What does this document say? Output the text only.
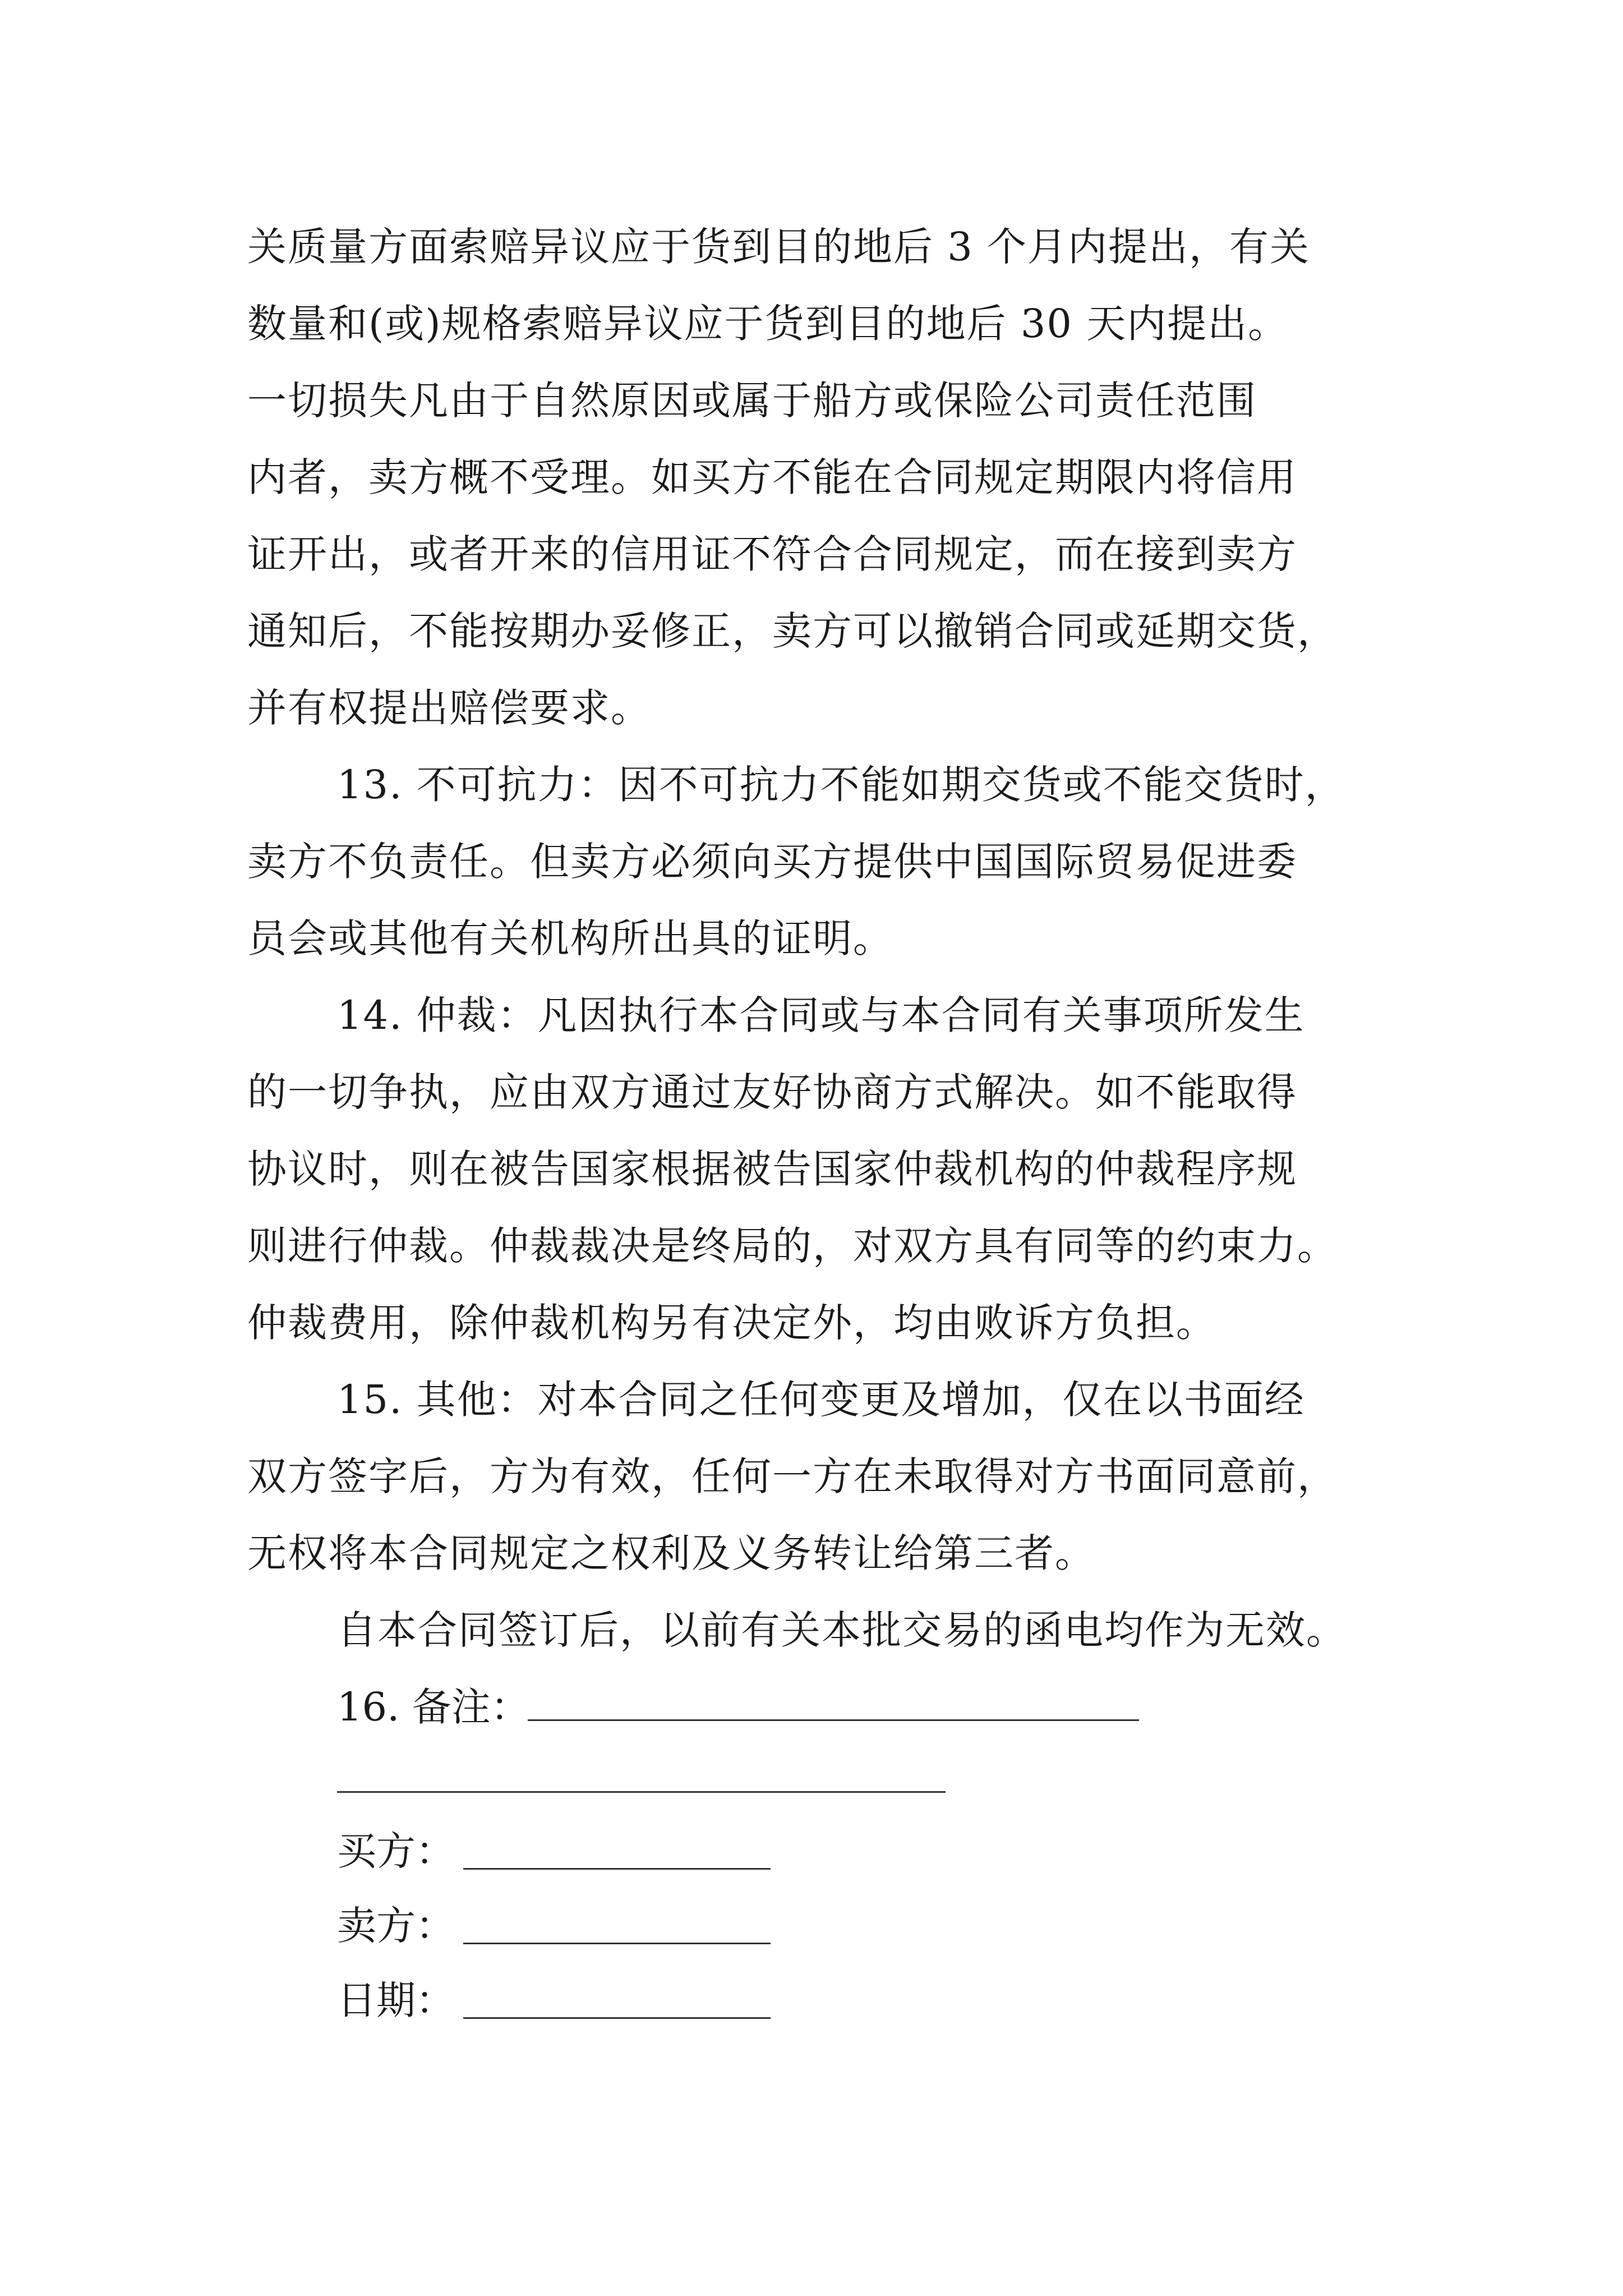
关质量方面索赔异议应于货到目的地后 3 个月内提出，有关
数量和(或)规格索赔异议应于货到目的地后 30 天内提出。
一切损失凡由于自然原因或属于船方或保险公司责任范围
内者，卖方概不受理。如买方不能在合同规定期限内将信用
证开出，或者开来的信用证不符合合同规定，而在接到卖方
通知后，不能按期办妥修正，卖方可以撤销合同或延期交货，
并有权提出赔偿要求。
13. 不可抗力：因不可抗力不能如期交货或不能交货时，
卖方不负责任。但卖方必须向买方提供中国国际贸易促进委
员会或其他有关机构所出具的证明。
14. 仲裁：凡因执行本合同或与本合同有关事项所发生
的一切争执，应由双方通过友好协商方式解决。如不能取得
协议时，则在被告国家根据被告国家仲裁机构的仲裁程序规
则进行仲裁。仲裁裁决是终局的，对双方具有同等的约束力。
仲裁费用，除仲裁机构另有决定外，均由败诉方负担。
15. 其他：对本合同之任何变更及增加，仅在以书面经
双方签字后，方为有效，任何一方在未取得对方书面同意前，
无权将本合同规定之权利及义务转让给第三者。
自本合同签订后，以前有关本批交易的函电均作为无效。
16. 备注：
买方：
卖方：
日期：
